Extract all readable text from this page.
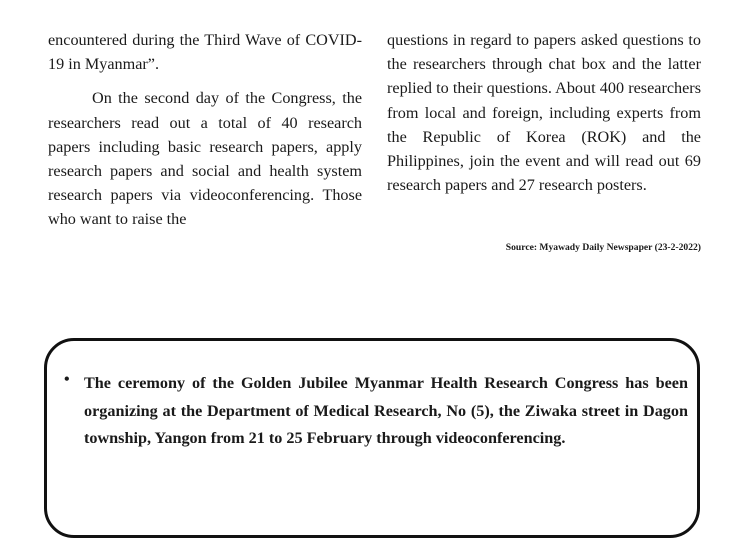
encountered during the Third Wave of COVID-19 in Myanmar”.

On the second day of the Congress, the researchers read out a total of 40 research papers including basic research papers, apply research papers and social and health system research papers via videoconferencing. Those who want to raise the

questions in regard to papers asked questions to the researchers through chat box and the latter replied to their questions. About 400 researchers from local and foreign, including experts from the Republic of Korea (ROK) and the Philippines, join the event and will read out 69 research papers and 27 research posters.

Source: Myawady Daily Newspaper (23-2-2022)
• The ceremony of the Golden Jubilee Myanmar Health Research Congress has been organizing at the Department of Medical Research, No (5), the Ziwaka street in Dagon township, Yangon from 21 to 25 February through videoconferencing.
